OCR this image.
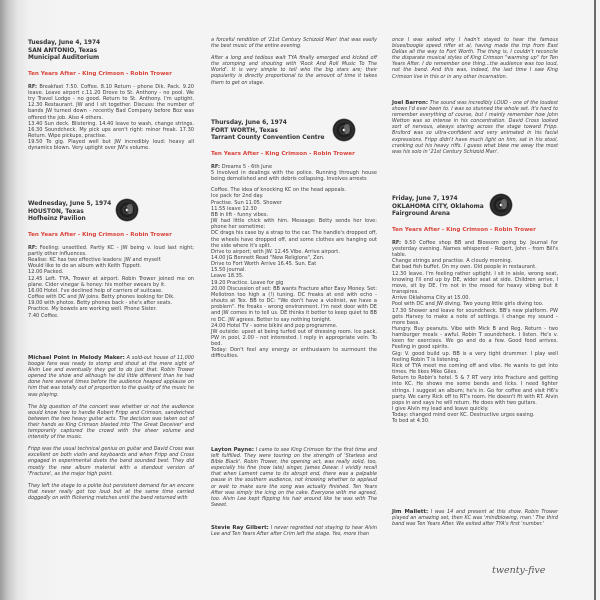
Tuesday, June 4, 1974
SAN ANTONIO, Texas
Municipal Auditorium
Ten Years After - King Crimson - Robin Trower

RF: Breakfast 7.50. Coffee. 8.10 Return - phone Dik. Pack. 9.20 leave. Leave airport c.11.20 Drove to St. Anthony - no pool. We try Travel Lodge - no good. Return to St. Anthony. I'm uptight. 12.30 Restaurant. JW and I sit together. Discuss: the number of bands JW turned down - recently Bad Company before Boz was offered the job. Also 4 others.

13.40 Sun deck. Blistering. 14.40 leave to wash, change strings. 16.30 Soundcheck. My pick ups aren't right: minor freak. 17.30 Return. Wipe pickups, practise.

19.50 To gig. Played well but JW incredibly loud: heavy all dynamics blown. Very uptight over JW's volume.

Wednesday, June 5, 1974
HOUSTON, Texas
Hofheinz Pavilion
Ten Years After - King Crimson - Robin Trower

RF: Feeling: unsettled. Partly KC - JW being v. loud last night; partly other influences.

Realise: KC has two effective leaders: JW and myself.

Would like to do an album with Keith Tippett.

12.00 Packed.

12.45 Left. TYA, Trower at airport. Robin Trower joined me on plane. Cider vinegar & honey: his mother swears by it.

16.00 Hotel. I've declined help of carriers of suitcase.

Coffee with DC and JW joins. Betty phones looking for Dik.

19.00 with photos. Betty phones back - she's after seats.

Practice. My bowels are working well. Phone Sister.

7.40 Coffee.

Michael Point in Melody Maker: A sold-out house of 11,000 boogie fans was ready to stomp and shout at the mere sight of Alvin Lee and eventually they got to do just that. Robin Trower opened the show and although he did little different than he had done here several times before the audience heaped applause on him that was totally out of proportion to the quality of the music he was playing.

The big question of the concert was whether or not the audience would know how to handle Robert Fripp and Crimson, sandwiched between the two heavy guitar acts. The decision was taken out of their hands as King Crimson blasted into 'The Great Deceiver' and temporarily captured the crowd with the sheer volume and intensity of the music.

Fripp was the usual technical genius on guitar and David Cross was excellent on both violin and keyboards and when Fripp and Cross engaged in experimental duets the band sounded best. They did mostly the new album material with a standout version of 'Fracture', as the major high point.

They left the stage to a polite but persistent demand for an encore that never really got too loud but at the same time carried doggedly on with flickering matches until the band returned with

a forceful rendition of '21st Century Schizoid Man' that was easily the best music of the entire evening.

After a long and tedious wait TYA finally emerged and kicked off the stomping and shouting with 'Rock And Roll Music To The World'. It is very simple to tell who the big stars are; their popularity is directly proportional to the amount of time it takes them to get on stage.

Thursday, June 6, 1974
FORT WORTH, Texas
Tarrant County Convention Centre
Ten Years After - King Crimson - Robin Trower

RF: Dreams 5 - 6th June

5 Involved in dealings with the police. Running through house being demolished and with debris collapsing. Involves arrests

Coffee. The idea of knocking KC on the head appeals.

Ice pack for 2nd day.

Practise. Sun 11.05. Shower

11.55 leave 12.30

BB in lift - funny vibes.

JW had little chick with him. Message: Betty sends her love: phone her sometime:

DC drags his case by a strap to the car. The handle's dropped off, the wheels have dropped off, and some clothes are hanging out the side where it's split.

Drive to airport; with JW. 12.45 Vibe. Arrive airport.

14.00 JG Bennett Read "New Religions", Zen.

Drive to Fort Worth Arrive 16.45. Sun. Eat

15.50 journal.

Leave 18.35.

19.20 Practice. Leave for gig

20.00 Discussion of set: BB wants Fracture after Easy Money. Set: Mellotron too high a (!) tuning. DC freaks at end with echo - shouts at Tex. BB to DC: "We don't have a violinist, we have a problem". He freaks - wrong environment. I'm next door with DE and JW comes in to tell us. DE thinks it better to keep quiet to BB re DC. JW agrees. Better to say nothing tonight.

24.00 Hotel TV - some bikini and pop programme.

JW outside: upset at being turfed out of dressing room. Ice pack. PW in pool, 2.00 - not interested. I reply in appropriate vein. To bed.

Today: Don't feel any energy or enthusiasm to surmount the difficulties.

Layton Payne: I came to see King Crimson for the first time and left fulfilled. They were touring on the strength of 'Starless and Bible Black'. Robin Trower, the opening act, was really solid, too, especially his fine (now late) singer, James Dewar. I vividly recall that when Lament came to its abrupt end, there was a palpable pause in the southern audience, not knowing whether to applaud or wait to make sure the song was actually finished. Ten Years After was simply the icing on the cake. Everyone with me agreed, too. Alvin Lee kept flipping his hair around like he was with The Sweet.

Stevie Ray Gilbert: I never regretted not staying to hear Alvin Lee and Ten Years After after Crim left the stage. Yes, more than

once I was asked why I hadn't stayed to hear the famous blues/boogie speed riffer et al, having made the trip from East Dallas all the way to Fort Worth. The thing is, I couldn't reconcile the disparate musical styles of King Crimson "warming up" for Ten Years After. I do remember one thing...the audience was too loud, not the band. And this was, indeed, the last time I saw King Crimson live in this or in any other incarnation.

Joel Barron: The sound was incredibly LOUD - one of the loudest shows I'd ever been to. I was so stunned the whole set. It's hard to remember everything of course, but I mainly remember how John Wetton was so intense in his concentration. David Cross looked sort of nervous, always staring across the stage toward Fripp. Bruford was so ultra-confident and very animated in his facial expressions. Fripp didn't have much light on him, sat in his stool, cranking out his heavy riffs. I guess what blew me away the most was his solo in '21st Century Schizoid Man'.

Friday, June 7, 1974
OKLAHOMA CITY, Oklahoma
Fairground Arena
Ten Years After - King Crimson - Robin Trower

RF: 9.50 Coffee shop BB and Blossom going by. Journal for yesterday evening. Names whispered - Robert, John - from Bill's table.

Change strings and practise. A cloudy morning.

Eat bad fish buffet. On my own. Old people in restaurant.

12.30 leave. I'm feeling rather uptight. I sit in aisle, wrong seat, knowing I'll end up by DE, wider seat at side. Children arrive, I move, sit by DE. I'm not in the mood for heavy vibing but it transpires.

Arrive Oklahoma City at 15.00.

Pool with DC and JW diving. Two young little girls diving too.

17.30 Shower and leave for soundcheck. BB's new platform. PW gets Harvey to make a note of settings. I change my sound - more bass.

Hungry. Buy peanuts. Vibe with Mick B and Reg. Return - two hamburger meals - awful. Robin T soundcheck. I listen. He's v. keen for exercises. We go and do a few. Good food arrives. Feeling in good spirits.

Gig: V. good build up. BB is a very tight drummer. I play well feeling Robin T is listening.

Rick of TYA meet me coming off and vibe. He wants to get into times. He likes Mike Giles.

Return to Robin's hotel. 5 & 7 RT very into Fracture and getting into KC. He shows me some bends and licks. I need lighter strings. I suggest an album; he's in. Go for coffee and visit H6's party. We carry Rick off to RT's room. He doesn't fit with RT. Alvin pops in and says he will return. He does with two guitars.

I give Alvin my lead and leave quickly.

Today: changed mind over KC. Destructive urges easing.

To bed at 4.30.

Jim Mallett: I was 14 and present at this show. Robin Trower played an amazing set, then KC was 'mindblowing, man.' The third band was Ten Years After. We exited after TYA's first 'number.'

twenty-five
